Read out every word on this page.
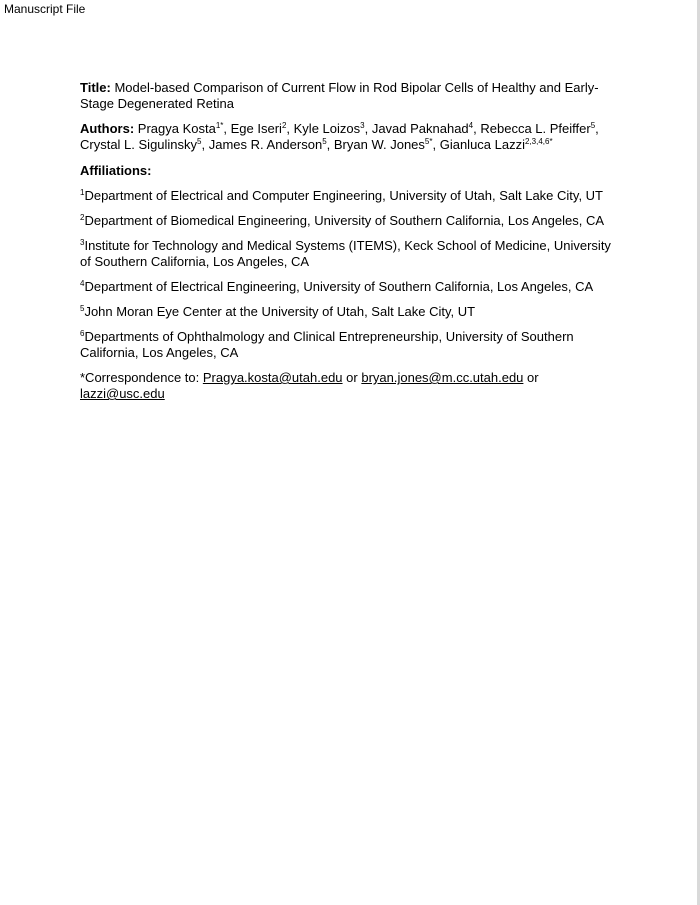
Manuscript File

Title: Model-based Comparison of Current Flow in Rod Bipolar Cells of Healthy and Early-Stage Degenerated Retina

Authors: Pragya Kosta$^{1*}$, Ege Iseri$^2$, Kyle Loizos$^3$, Javad Paknahad$^4$, Rebecca L. Pfeiffer$^5$, Crystal L. Sigulinsky$^5$, James R. Anderson$^5$, Bryan W. Jones$^{5*}$, Gianluca Lazzi$^{2,3,4,6*}$

Affiliations:

$^1$Department of Electrical and Computer Engineering, University of Utah, Salt Lake City, UT

$^2$Department of Biomedical Engineering, University of Southern California, Los Angeles, CA

$^3$Institute for Technology and Medical Systems (ITEMS), Keck School of Medicine, University of Southern California, Los Angeles, CA

$^4$Department of Electrical Engineering, University of Southern California, Los Angeles, CA

$^5$John Moran Eye Center at the University of Utah, Salt Lake City, UT

$^6$Departments of Ophthalmology and Clinical Entrepreneurship, University of Southern California, Los Angeles, CA

*Correspondence to: Pragya.kosta@utah.edu or bryan.jones@m.cc.utah.edu or lazzi@usc.edu
